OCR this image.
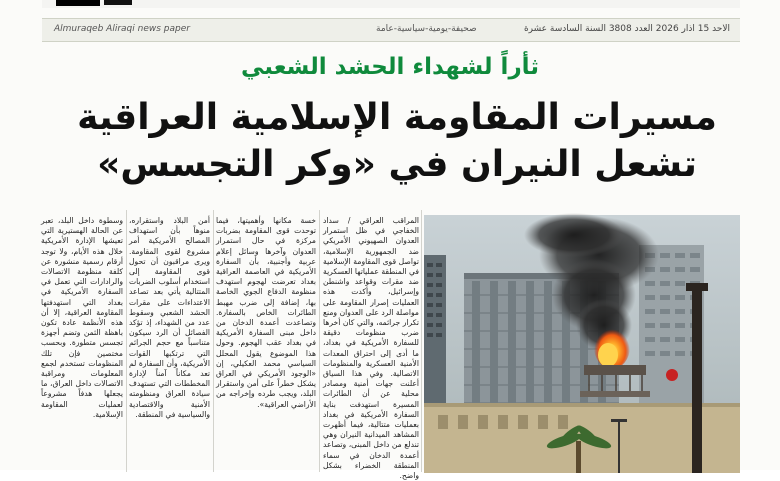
الاحد 15 اذار 2026 العدد 3808 السنة السادسة عشرة
صحيفة-يومية-سياسية-عامة
Almuraqeb Aliraqi news paper
ثأراً لشهداء الحشد الشعبي
مسيرات المقاومة الإسلامية العراقية
تشعل النيران في «وكر التجسس»
وسطوة داخل البلد، تعبر عن الحالة الهستيرية التي تعيشها الإدارة الأمريكية خلال هذه الأيام، ولا توجد أرقام رسمية منشورة عن كلفة منظومة الاتصالات والرادارات التي تعمل في السفارة الأمريكية في بغداد التي استهدفتها المقاومة العراقية، إلا أن هذه الأنظمة عادة تكون باهظة الثمن وتضم أجهزة تجسس متطورة. وبحسب مختصين فإن تلك المنظومات تستخدم لجمع المعلومات ومراقبة الاتصالات داخل العراق، ما يجعلها هدفاً مشروعاً لعمليات المقاومة الإسلامية.
أمن البلاد واستقراره، منوهاً بأن استهداف المصالح الأمريكية أمر مشروع لقوى المقاومة. ويرى مراقبون أن تحول قوى المقاومة إلى استخدام أسلوب الضربات المتتالية يأتي بعد تصاعد الاعتداءات على مقرات الحشد الشعبي وسقوط عدد من الشهداء، إذ تؤكد الفصائل أن الرد سيكون متناسباً مع حجم الجرائم التي ترتكبها القوات الأمريكية، وأن السفارة لم تعد مكاناً آمناً لإدارة المخططات التي تستهدف سيادة العراق ومنظومته الأمنية والاقتصادية والسياسية في المنطقة.
خسة مكانها وأهميتها، فيما توحدت قوى المقاومة بضربات مركزة في حال استمرار العدوان وآخرها وسائل إعلام عربية وأجنبية، بأن السفارة الأمريكية في العاصمة العراقية بغداد تعرضت لهجوم استهدف منظومة الدفاع الجوي الخاصة بها، إضافة إلى ضرب مهبط الطائرات الخاص بالسفارة. وتصاعدت أعمدة الدخان من داخل مبنى السفارة الأمريكية في بغداد عقب الهجوم. وحول هذا الموضوع يقول المحلل السياسي محمد العكيلي، إن «الوجود الأمريكي في العراق يشكل خطراً على أمن واستقرار البلد، ويجب طرده وإخراجه من الأراضي العراقية».
المراقب العراقي / سداد الخفاجي في ظل استمرار العدوان الصهيوني الأمريكي ضد الجمهورية الإسلامية، تواصل قوى المقاومة الإسلامية في المنطقة عملياتها العسكرية ضد مقرات وقواعد واشنطن وإسرائيل، وأكدت هذه العمليات إصرار المقاومة على مواصلة الرد على العدوان ومنع تكرار جرائمه، والتي كان أخرها ضرب منظومات دقيقة للسفارة الأمريكية في بغداد، ما أدى إلى احتراق المعدات الأمنية العسكرية والمنظومات الاتصالية. وفي هذا السياق أعلنت جهات أمنية ومصادر محلية عن أن الطائرات المسيرة استهدفت بناية السفارة الأمريكية في بغداد بعمليات متتالية، فيما أظهرت المشاهد الميدانية النيران وهي تندلع من داخل المبنى، وتصاعد أعمدة الدخان في سماء المنطقة الخضراء بشكل واضح.
